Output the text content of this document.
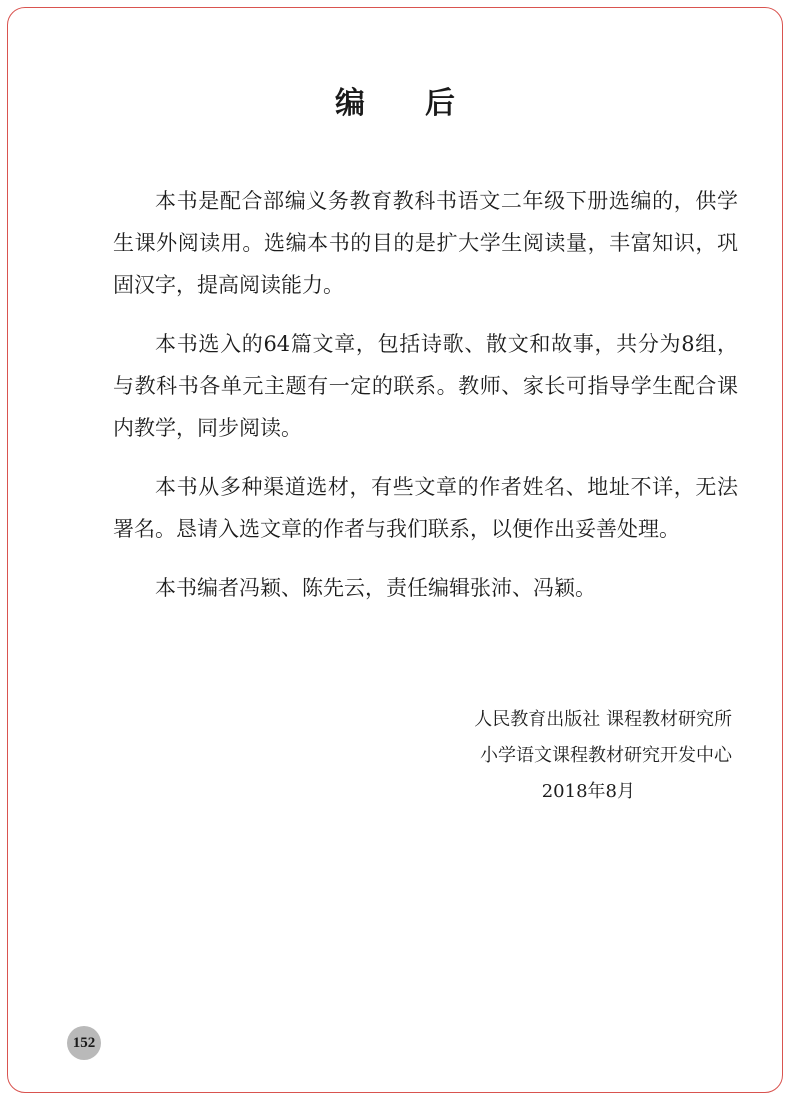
编后

本书是配合部编义务教育教科书语文二年级下册选编的，供学生课外阅读用。选编本书的目的是扩大学生阅读量，丰富知识，巩固汉字，提高阅读能力。

本书选入的64篇文章，包括诗歌、散文和故事，共分为8组，与教科书各单元主题有一定的联系。教师、家长可指导学生配合课内教学，同步阅读。

本书从多种渠道选材，有些文章的作者姓名、地址不详，无法署名。恳请入选文章的作者与我们联系，以便作出妥善处理。

本书编者冯颖、陈先云，责任编辑张沛、冯颖。

人民教育出版社 课程教材研究所
小学语文课程教材研究开发中心
2018年8月
152
